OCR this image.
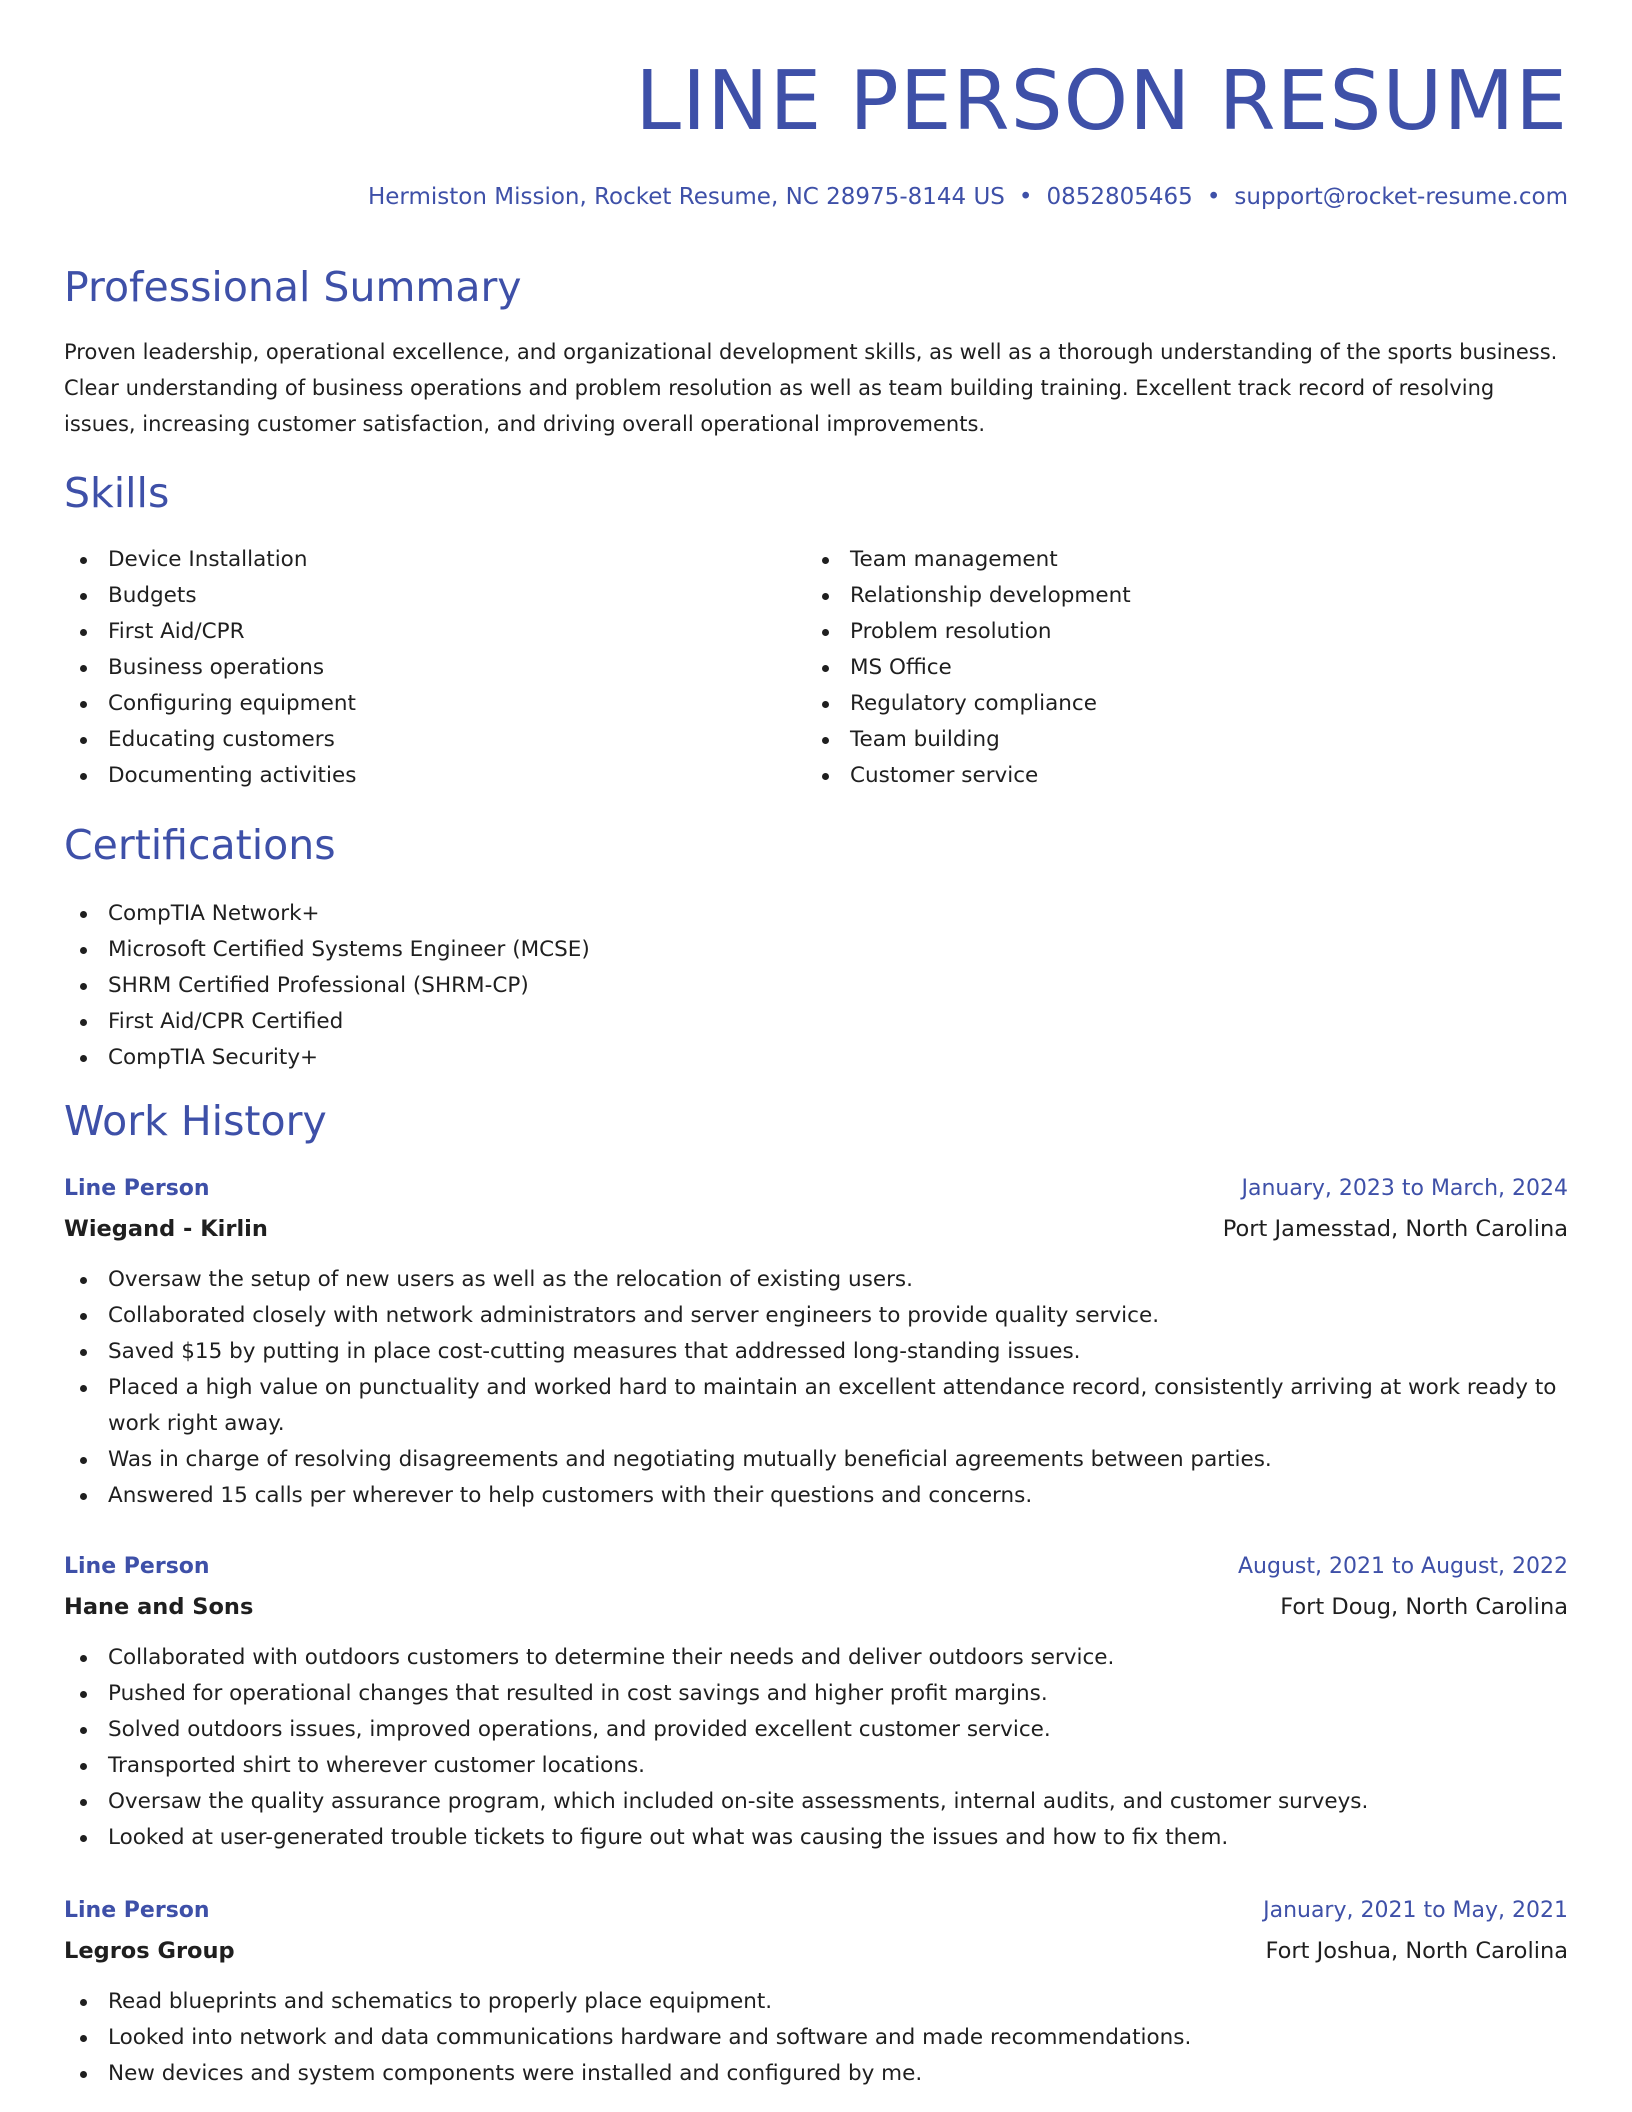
LINE PERSON RESUME
Hermiston Mission, Rocket Resume, NC 28975-8144 US • 0852805465 • support@rocket-resume.com
Professional Summary

Proven leadership, operational excellence, and organizational development skills, as well as a thorough understanding of the sports business. Clear understanding of business operations and problem resolution as well as team building training. Excellent track record of resolving issues, increasing customer satisfaction, and driving overall operational improvements.

Skills
Device Installation
Budgets
First Aid/CPR
Business operations
Configuring equipment
Educating customers
Documenting activities
Team management
Relationship development
Problem resolution
MS Office
Regulatory compliance
Team building
Customer service
Certifications
CompTIA Network+
Microsoft Certified Systems Engineer (MCSE)
SHRM Certified Professional (SHRM-CP)
First Aid/CPR Certified
CompTIA Security+
Work History
Line Person	January, 2023 to March, 2024
Wiegand - Kirlin	Port Jamesstad, North Carolina
Oversaw the setup of new users as well as the relocation of existing users.
Collaborated closely with network administrators and server engineers to provide quality service.
Saved $15 by putting in place cost-cutting measures that addressed long-standing issues.
Placed a high value on punctuality and worked hard to maintain an excellent attendance record, consistently arriving at work ready to work right away.
Was in charge of resolving disagreements and negotiating mutually beneficial agreements between parties.
Answered 15 calls per wherever to help customers with their questions and concerns.
Line Person	August, 2021 to August, 2022
Hane and Sons	Fort Doug, North Carolina
Collaborated with outdoors customers to determine their needs and deliver outdoors service.
Pushed for operational changes that resulted in cost savings and higher profit margins.
Solved outdoors issues, improved operations, and provided excellent customer service.
Transported shirt to wherever customer locations.
Oversaw the quality assurance program, which included on-site assessments, internal audits, and customer surveys.
Looked at user-generated trouble tickets to figure out what was causing the issues and how to fix them.
Line Person	January, 2021 to May, 2021
Legros Group	Fort Joshua, North Carolina
Read blueprints and schematics to properly place equipment.
Looked into network and data communications hardware and software and made recommendations.
New devices and system components were installed and configured by me.
